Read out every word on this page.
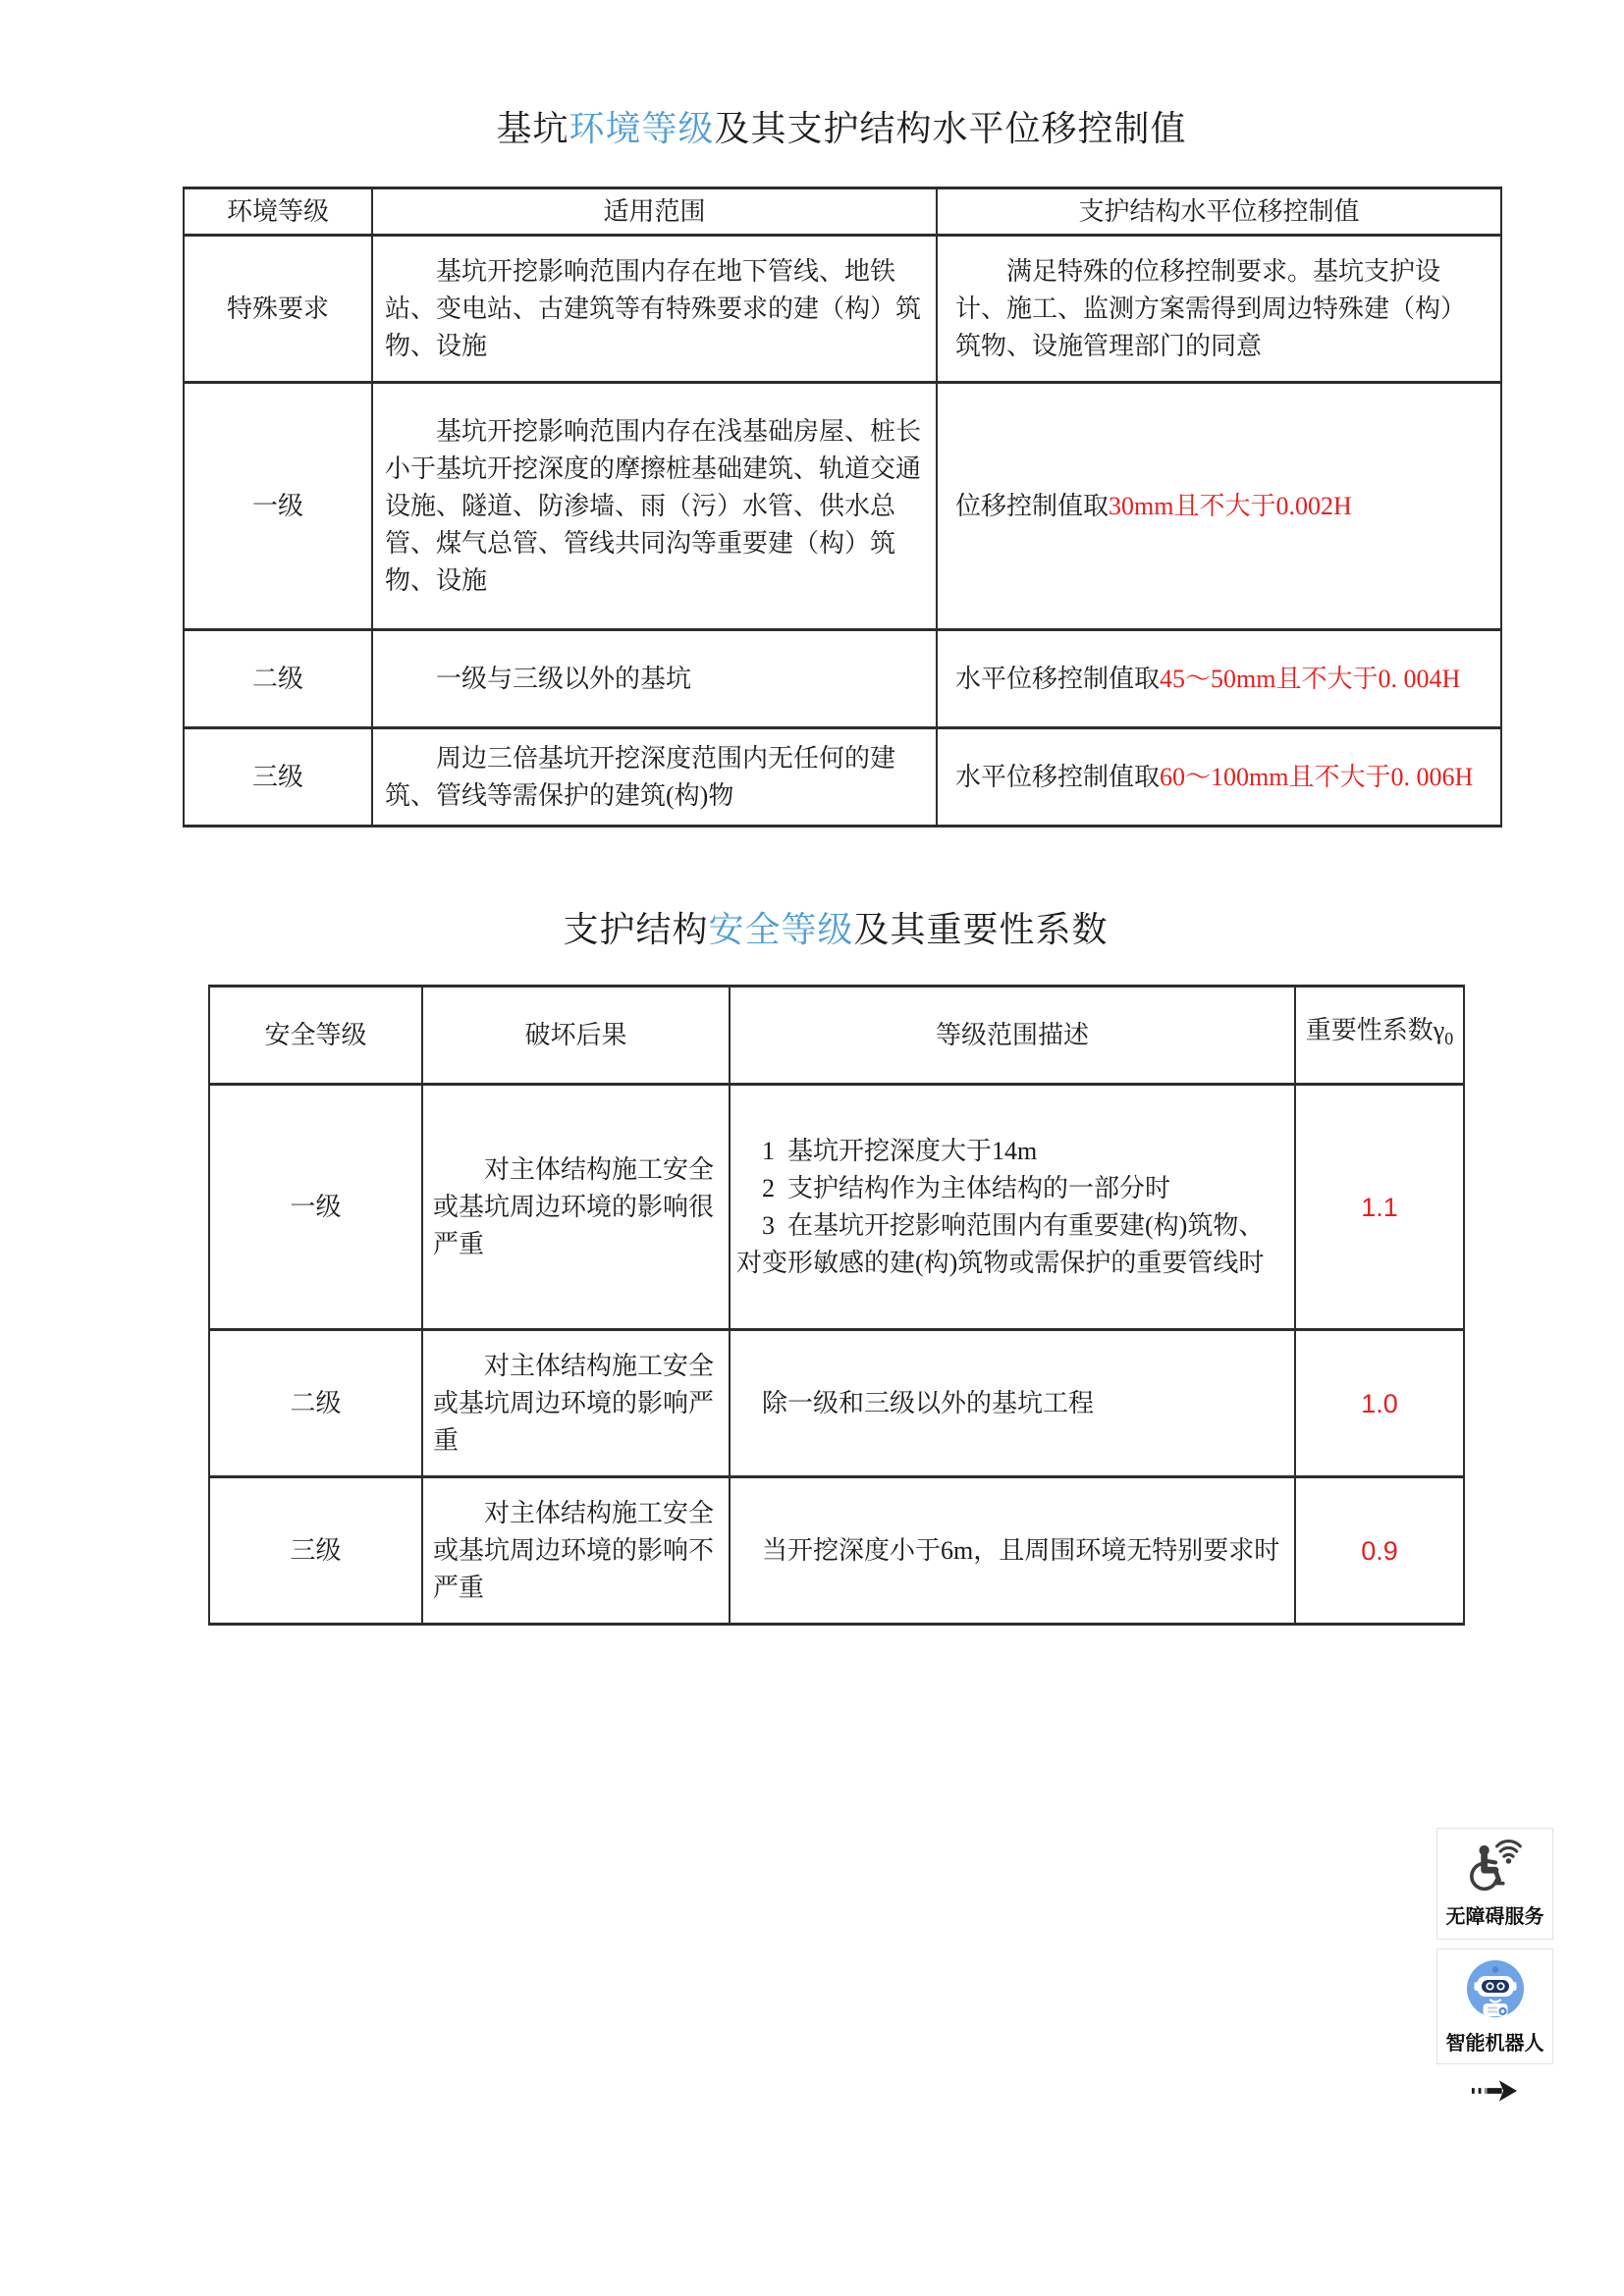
基坑环境等级及其支护结构水平位移控制值
环境等级	适用范围	支护结构水平位移控制值
特殊要求	基坑开挖影响范围内存在地下管线、地铁站、变电站、古建筑等有特殊要求的建（构）筑物、设施	满足特殊的位移控制要求。基坑支护设计、施工、监测方案需得到周边特殊建（构）筑物、设施管理部门的同意

一级	基坑开挖影响范围内存在浅基础房屋、桩长小于基坑开挖深度的摩擦桩基础建筑、轨道交通设施、隧道、防渗墙、雨（污）水管、供水总管、煤气总管、管线共同沟等重要建（构）筑物、设施	位移控制值取30mm且不大于0.002H

二级	一级与三级以外的基坑	水平位移控制值取45～50mm且不大于0. 004H

三级	周边三倍基坑开挖深度范围内无任何的建筑、管线等需保护的建筑(构)物	水平位移控制值取60～100mm且不大于0. 006H

支护结构安全等级及其重要性系数
安全等级	破坏后果	等级范围描述	重要性系数$\gamma_0$
一级	对主体结构施工安全或基坑周边环境的影响很严重	1  基坑开挖深度大于14m
2  支护结构作为主体结构的一部分时
3  在基坑开挖影响范围内有重要建(构)筑物、
对变形敏感的建(构)筑物或需保护的重要管线时	1.1
二级	对主体结构施工安全或基坑周边环境的影响严重	除一级和三级以外的基坑工程	1.0
三级	对主体结构施工安全或基坑周边环境的影响不严重	当开挖深度小于6m，且周围环境无特别要求时	0.9
无障碍服务
智能机器人
